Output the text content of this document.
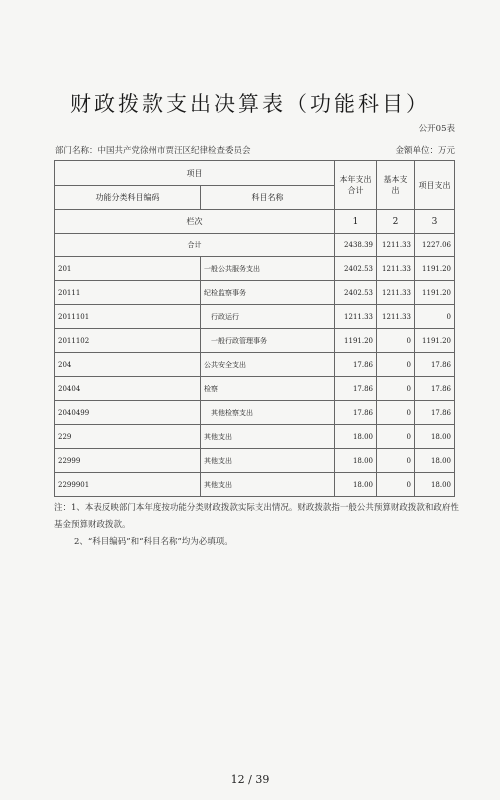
财政拨款支出决算表（功能科目）
公开05表
部门名称：中国共产党徐州市贾汪区纪律检查委员会	金额单位：万元
项目		本年支出合计	基本支出	项目支出
功能分类科目编码	科目名称			
栏次		1	2	3
合计		2438.39	1211.33	1227.06
201	一般公共服务支出	2402.53	1211.33	1191.20
20111	纪检监察事务	2402.53	1211.33	1191.20
2011101	行政运行	1211.33	1211.33	0
2011102	一般行政管理事务	1191.20	0	1191.20
204	公共安全支出	17.86	0	17.86
20404	检察	17.86	0	17.86
2040499	其他检察支出	17.86	0	17.86
229	其他支出	18.00	0	18.00
22999	其他支出	18.00	0	18.00
2299901	其他支出	18.00	0	18.00
注：1、本表反映部门本年度按功能分类财政拨款实际支出情况。财政拨款指一般公共预算财政拨款和政府性基金预算财政拨款。
2、“科目编码”和“科目名称”均为必填项。
12 / 39
